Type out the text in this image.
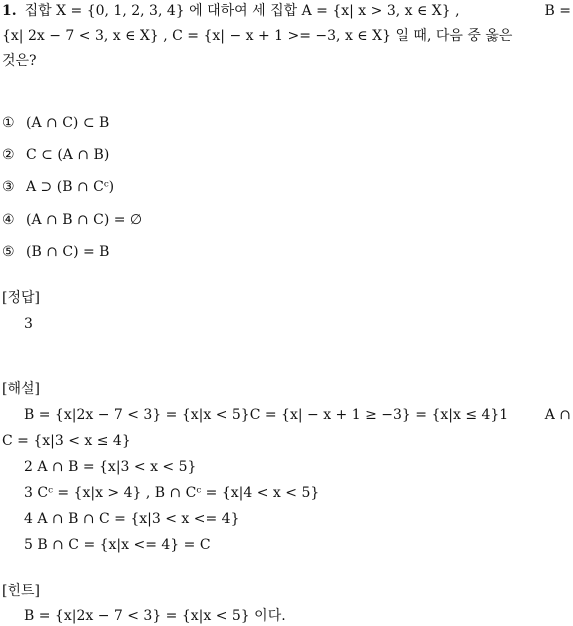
1. 집합 X = {0, 1, 2, 3, 4} 에 대하여 세 집합 A = {x| x > 3, x ∈ X} ,	B =
{x| 2x − 7 < 3, x ∈ X} , C = {x| − x + 1 >= −3, x ∈ X} 일 때, 다음 중 옳은
것은?
① (A ∩ C) ⊂ B
② C ⊂ (A ∩ B)
③ A ⊃ (B ∩ Cᶜ)
④ (A ∩ B ∩ C) = ∅
⑤ (B ∩ C) = B
[정답]
3
[해설]
B = {x|2x − 7 < 3} = {x|x < 5}C = {x| − x + 1 ≥ −3} = {x|x ≤ 4}1	A ∩
C = {x|3 < x ≤ 4}
2 A ∩ B = {x|3 < x < 5}
3 Cᶜ = {x|x > 4} , B ∩ Cᶜ = {x|4 < x < 5}
4 A ∩ B ∩ C = {x|3 < x <= 4}
5 B ∩ C = {x|x <= 4} = C
[힌트]
B = {x|2x − 7 < 3} = {x|x < 5} 이다.
